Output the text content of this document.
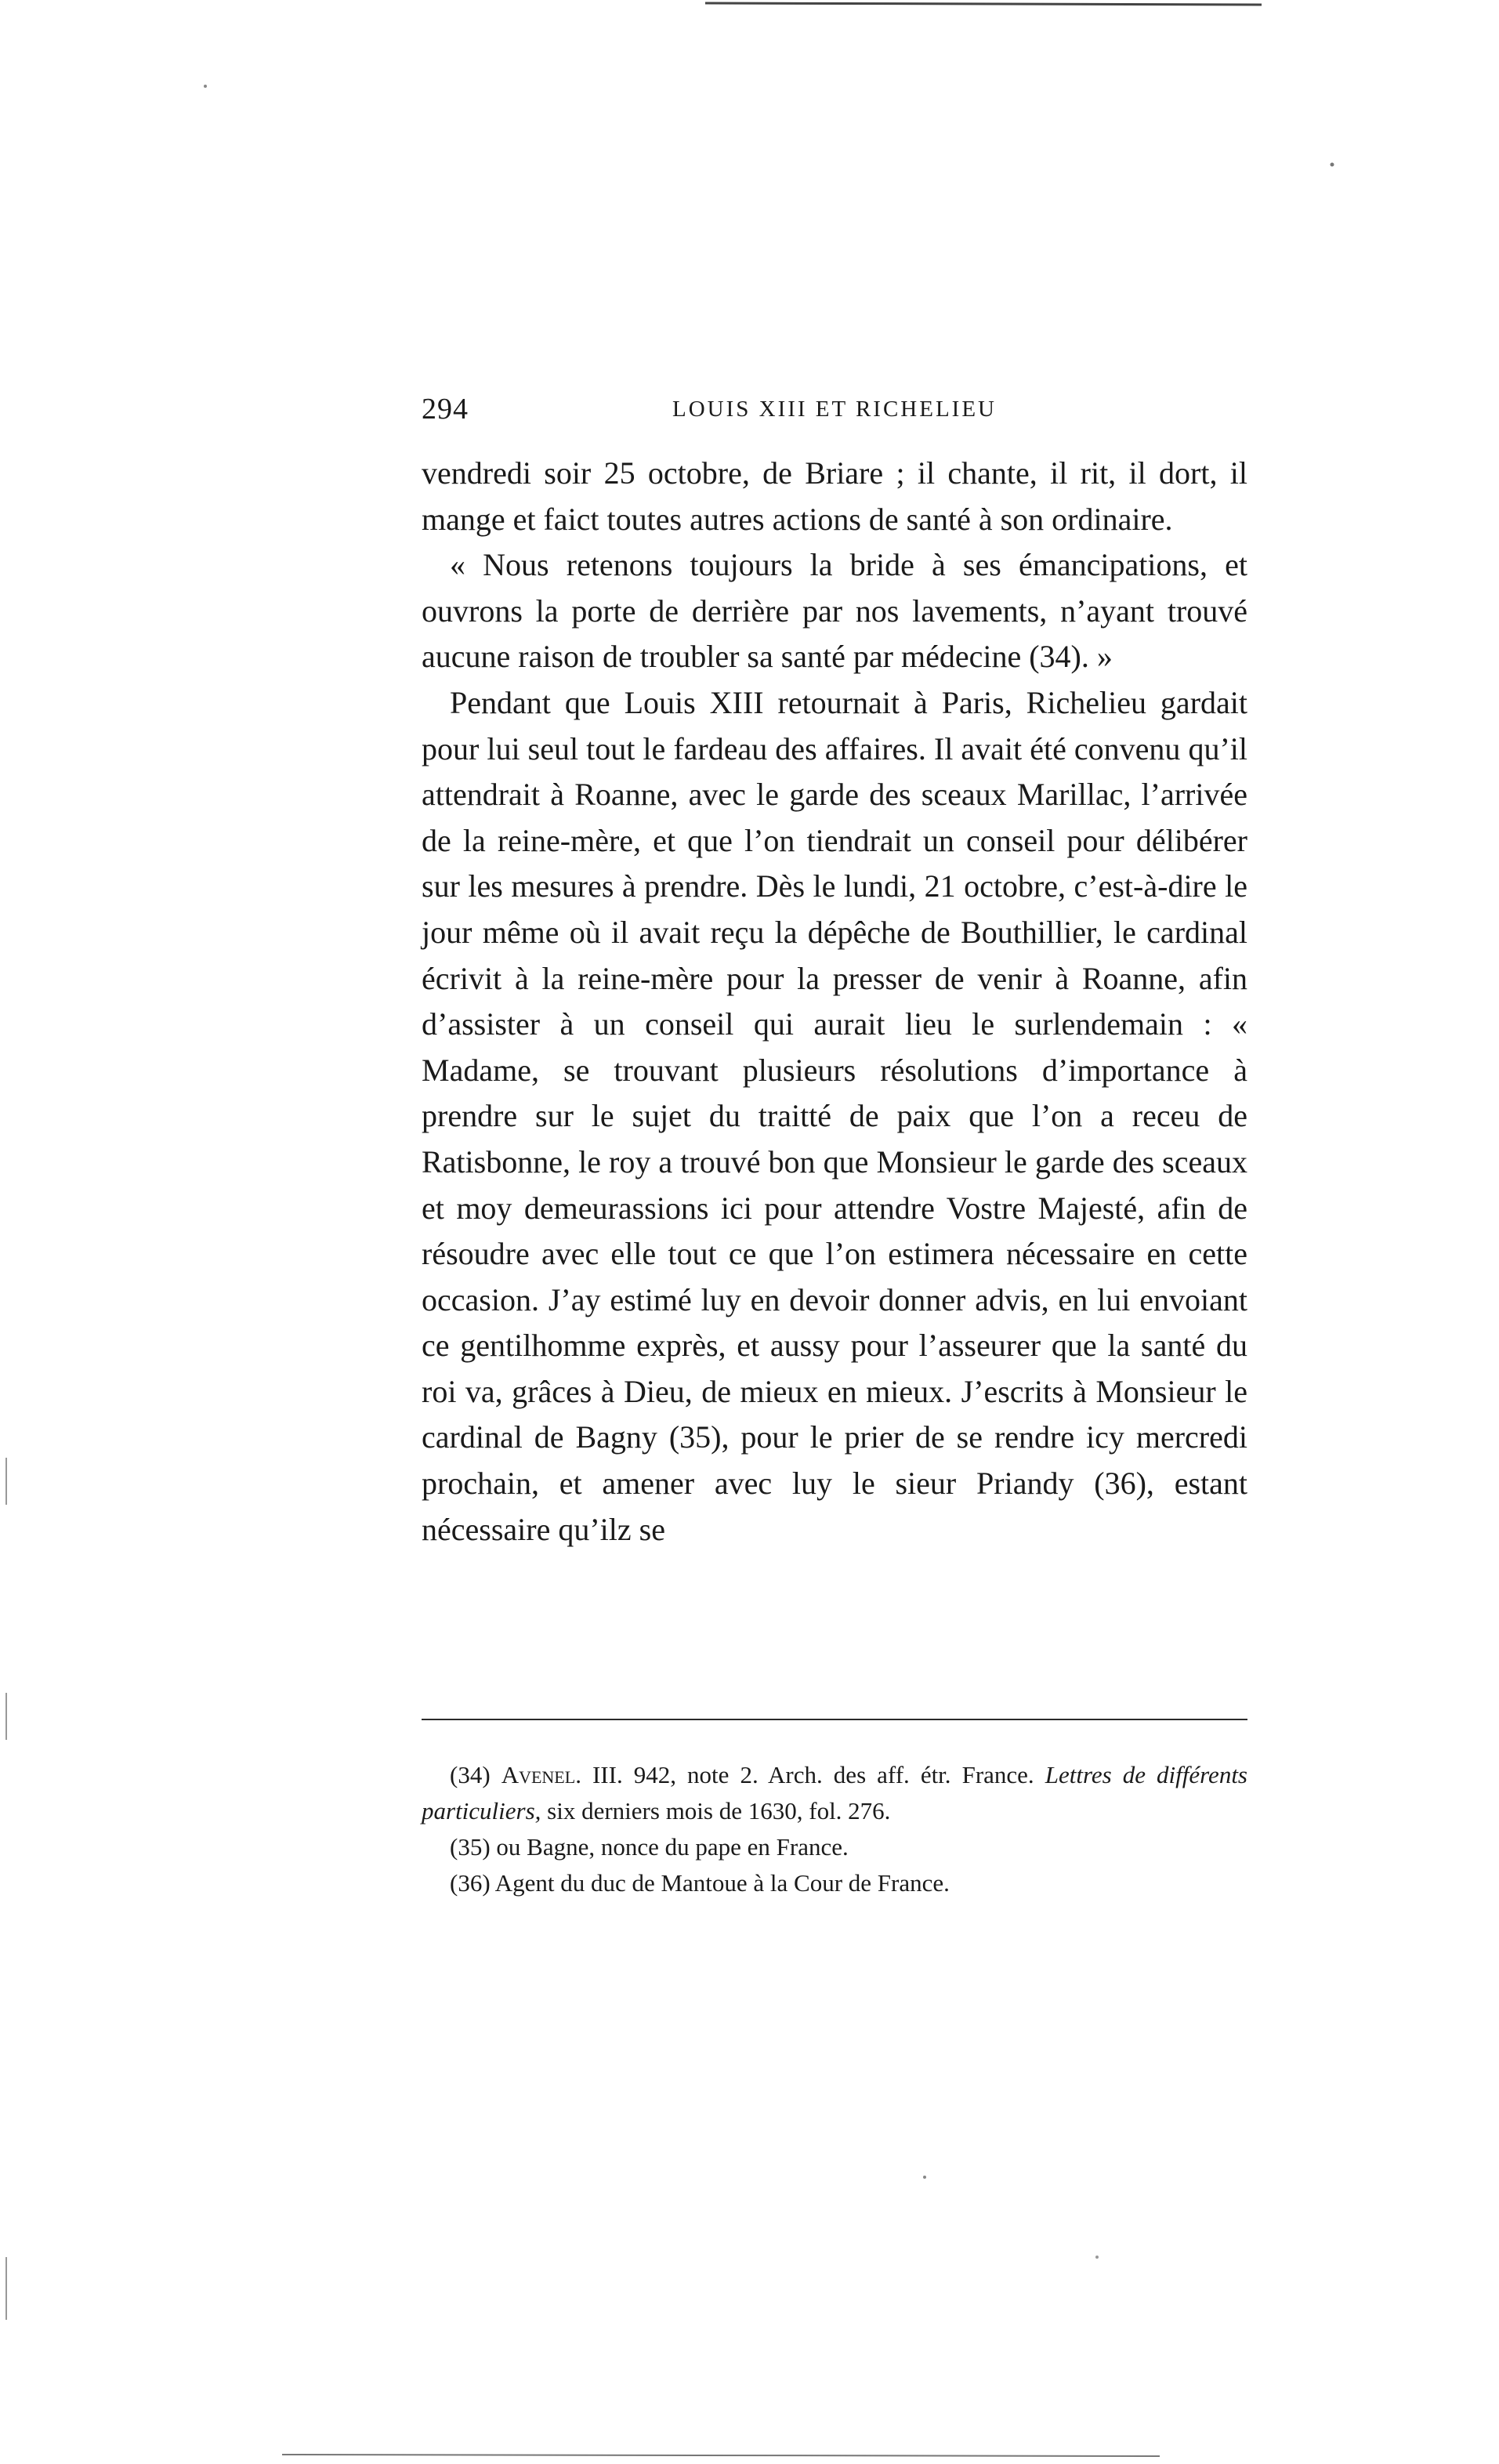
294	LOUIS XIII ET RICHELIEU

vendredi soir 25 octobre, de Briare ; il chante, il rit, il dort, il mange et faict toutes autres actions de santé à son ordinaire.

« Nous retenons toujours la bride à ses émancipations, et ouvrons la porte de derrière par nos lavements, n’ayant trouvé aucune raison de troubler sa santé par médecine (34). »

Pendant que Louis XIII retournait à Paris, Richelieu gardait pour lui seul tout le fardeau des affaires. Il avait été convenu qu’il attendrait à Roanne, avec le garde des sceaux Marillac, l’arrivée de la reine-mère, et que l’on tiendrait un conseil pour délibérer sur les mesures à prendre. Dès le lundi, 21 octobre, c’est-à-dire le jour même où il avait reçu la dépêche de Bouthillier, le cardinal écrivit à la reine-mère pour la presser de venir à Roanne, afin d’assister à un conseil qui aurait lieu le surlendemain : « Madame, se trouvant plusieurs résolutions d’importance à prendre sur le sujet du traitté de paix que l’on a receu de Ratisbonne, le roy a trouvé bon que Monsieur le garde des sceaux et moy demeurassions ici pour attendre Vostre Majesté, afin de résoudre avec elle tout ce que l’on estimera nécessaire en cette occasion. J’ay estimé luy en devoir donner advis, en lui envoiant ce gentilhomme exprès, et aussy pour l’asseurer que la santé du roi va, grâces à Dieu, de mieux en mieux. J’escrits à Monsieur le cardinal de Bagny (35), pour le prier de se rendre icy mercredi prochain, et amener avec luy le sieur Priandy (36), estant nécessaire qu’ilz se

(34) Avenel. III. 942, note 2. Arch. des aff. étr. France. Lettres de différents particuliers, six derniers mois de 1630, fol. 276.

(35) ou Bagne, nonce du pape en France.

(36) Agent du duc de Mantoue à la Cour de France.
